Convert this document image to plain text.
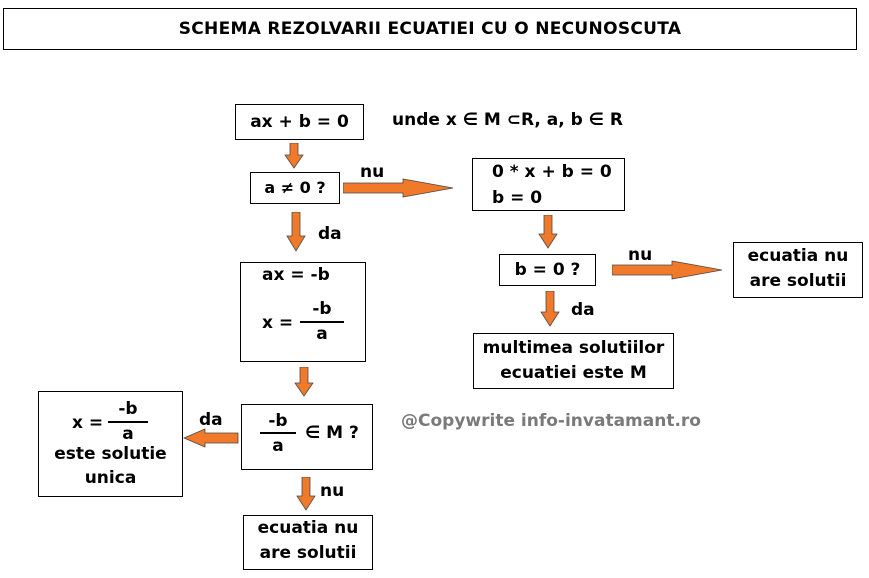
SCHEMA REZOLVARII ECUATIEI CU O NECUNOSCUTA
ax + b = 0	unde x ∈ M ⊂R, a, b ∈ R
a ≠ 0 ?
nu	0 * x + b = 0
b = 0
b = 0 ?
nu	ecuatia nu
are solutii
da
multimea solutiilor
ecuatiei este M
da
ax = -b
x =
-b
a
-b
a
∈ M ?
da
x =
-b
a
este solutie
unica
nu
ecuatia nu
are solutii
@Copywrite info-invatamant.ro
